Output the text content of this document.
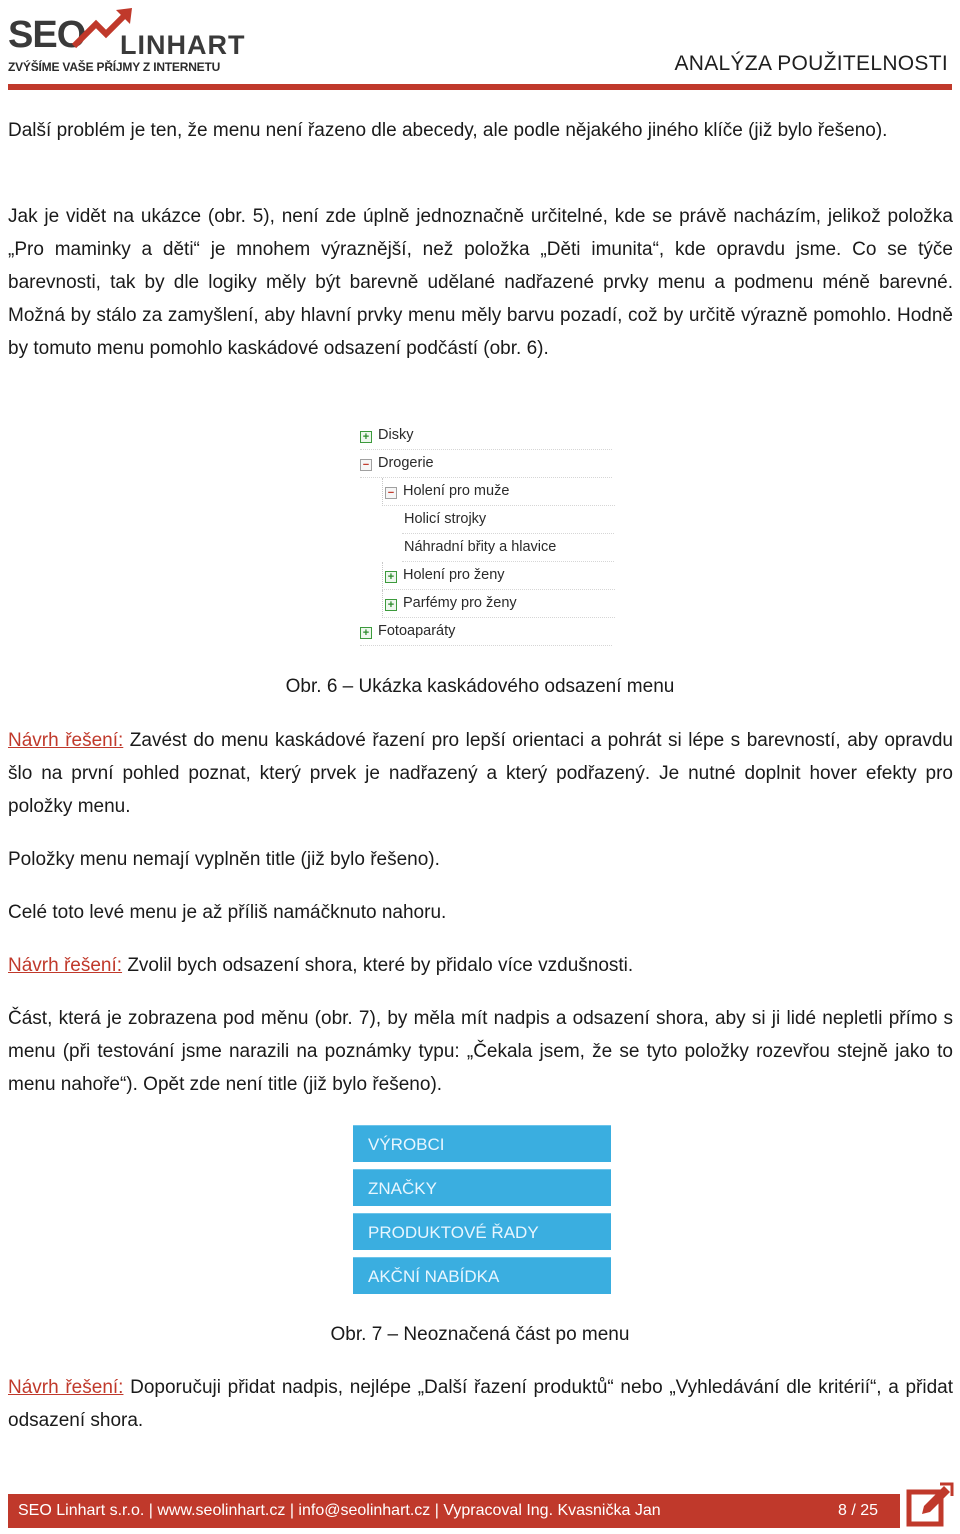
SEO LINHART
ZVÝŠÍME VAŠE PŘÍJMY Z INTERNETU	ANALÝZA POUŽITELNOSTI
Další problém je ten, že menu není řazeno dle abecedy, ale podle nějakého jiného klíče (již bylo řešeno).
Jak je vidět na ukázce (obr. 5), není zde úplně jednoznačně určitelné, kde se právě nacházím, jelikož položka „Pro maminky a děti“ je mnohem výraznější, než položka „Děti imunita“, kde opravdu jsme. Co se týče barevnosti, tak by dle logiky měly být barevně udělané nadřazené prvky menu a podmenu méně barevné. Možná by stálo za zamyšlení, aby hlavní prvky menu měly barvu pozadí, což by určitě výrazně pomohlo. Hodně by tomuto menu pomohlo kaskádové odsazení podčástí (obr. 6).
+ Disky
− Drogerie
− Holení pro muže
Holicí strojky
Náhradní břity a hlavice
+ Holení pro ženy
+ Parfémy pro ženy
+ Fotoaparáty
Obr. 6 – Ukázka kaskádového odsazení menu
Návrh řešení: Zavést do menu kaskádové řazení pro lepší orientaci a pohrát si lépe s barevností, aby opravdu šlo na první pohled poznat, který prvek je nadřazený a který podřazený. Je nutné doplnit hover efekty pro položky menu.
Položky menu nemají vyplněn title (již bylo řešeno).
Celé toto levé menu je až příliš namáčknuto nahoru.
Návrh řešení: Zvolil bych odsazení shora, které by přidalo více vzdušnosti.
Část, která je zobrazena pod měnu (obr. 7), by měla mít nadpis a odsazení shora, aby si ji lidé nepletli přímo s menu (při testování jsme narazili na poznámky typu: „Čekala jsem, že se tyto položky rozevřou stejně jako to menu nahoře“). Opět zde není title (již bylo řešeno).
VÝROBCI
ZNAČKY
PRODUKTOVÉ ŘADY
AKČNÍ NABÍDKA
Obr. 7 – Neoznačená část po menu
Návrh řešení: Doporučuji přidat nadpis, nejlépe „Další řazení produktů“ nebo „Vyhledávání dle kritérií“, a přidat odsazení shora.
SEO Linhart s.r.o. | www.seolinhart.cz | info@seolinhart.cz | Vypracoval Ing. Kvasnička Jan	8 / 25
